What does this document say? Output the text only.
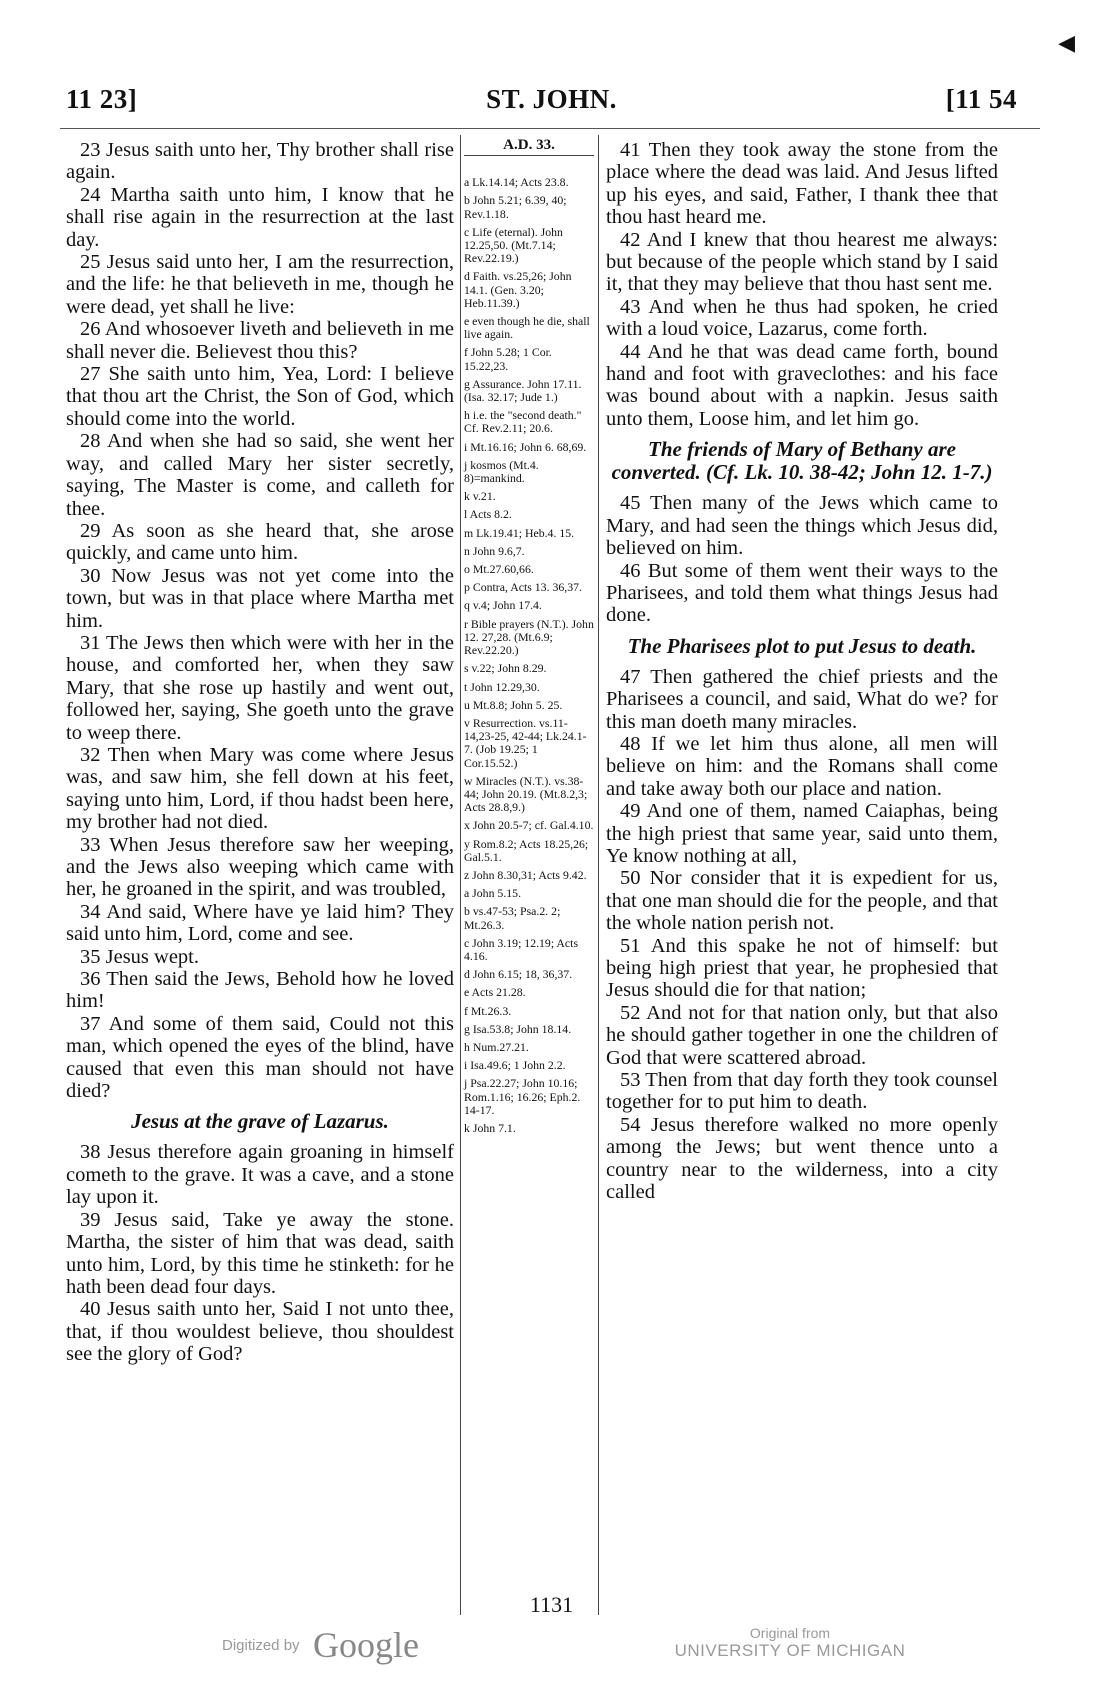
◀
11 23]	ST. JOHN.	[11 54

23 Jesus saith unto her, Thy brother shall rise again.

24 Martha saith unto him, I know that he shall rise again in the resurrection at the last day.

25 Jesus said unto her, I am the resurrection, and the life: he that believeth in me, though he were dead, yet shall he live:

26 And whosoever liveth and believeth in me shall never die. Believest thou this?

27 She saith unto him, Yea, Lord: I believe that thou art the Christ, the Son of God, which should come into the world.

28 And when she had so said, she went her way, and called Mary her sister secretly, saying, The Master is come, and calleth for thee.

29 As soon as she heard that, she arose quickly, and came unto him.

30 Now Jesus was not yet come into the town, but was in that place where Martha met him.

31 The Jews then which were with her in the house, and comforted her, when they saw Mary, that she rose up hastily and went out, followed her, saying, She goeth unto the grave to weep there.

32 Then when Mary was come where Jesus was, and saw him, she fell down at his feet, saying unto him, Lord, if thou hadst been here, my brother had not died.

33 When Jesus therefore saw her weeping, and the Jews also weeping which came with her, he groaned in the spirit, and was troubled,

34 And said, Where have ye laid him? They said unto him, Lord, come and see.

35 Jesus wept.

36 Then said the Jews, Behold how he loved him!

37 And some of them said, Could not this man, which opened the eyes of the blind, have caused that even this man should not have died?

Jesus at the grave of Lazarus.

38 Jesus therefore again groaning in himself cometh to the grave. It was a cave, and a stone lay upon it.

39 Jesus said, Take ye away the stone. Martha, the sister of him that was dead, saith unto him, Lord, by this time he stinketh: for he hath been dead four days.

40 Jesus saith unto her, Said I not unto thee, that, if thou wouldest believe, thou shouldest see the glory of God?

A.D. 33.
a Lk.14.14; Acts 23.8.
b John 5.21; 6.39, 40; Rev.1.18.
c Life (eternal). John 12.25,50. (Mt.7.14; Rev.22.19.)
d Faith. vs.25,26; John 14.1. (Gen. 3.20; Heb.11.39.)
e even though he die, shall live again.
f John 5.28; 1 Cor. 15.22,23.
g Assurance. John 17.11. (Isa. 32.17; Jude 1.)
h i.e. the "second death." Cf. Rev.2.11; 20.6.
i Mt.16.16; John 6. 68,69.
j kosmos (Mt.4. 8)=mankind.
k v.21.
l Acts 8.2.
m Lk.19.41; Heb.4. 15.
n John 9.6,7.
o Mt.27.60,66.
p Contra, Acts 13. 36,37.
q v.4; John 17.4.
r Bible prayers (N.T.). John 12. 27,28. (Mt.6.9; Rev.22.20.)
s v.22; John 8.29.
t John 12.29,30.
u Mt.8.8; John 5. 25.
v Resurrection. vs.11-14,23-25, 42-44; Lk.24.1-7. (Job 19.25; 1 Cor.15.52.)
w Miracles (N.T.). vs.38-44; John 20.19. (Mt.8.2,3; Acts 28.8,9.)
x John 20.5-7; cf. Gal.4.10.
y Rom.8.2; Acts 18.25,26; Gal.5.1.
z John 8.30,31; Acts 9.42.
a John 5.15.
b vs.47-53; Psa.2. 2; Mt.26.3.
c John 3.19; 12.19; Acts 4.16.
d John 6.15; 18, 36,37.
e Acts 21.28.
f Mt.26.3.
g Isa.53.8; John 18.14.
h Num.27.21.
i Isa.49.6; 1 John 2.2.
j Psa.22.27; John 10.16; Rom.1.16; 16.26; Eph.2. 14-17.
k John 7.1.

41 Then they took away the stone from the place where the dead was laid. And Jesus lifted up his eyes, and said, Father, I thank thee that thou hast heard me.

42 And I knew that thou hearest me always: but because of the people which stand by I said it, that they may believe that thou hast sent me.

43 And when he thus had spoken, he cried with a loud voice, Lazarus, come forth.

44 And he that was dead came forth, bound hand and foot with graveclothes: and his face was bound about with a napkin. Jesus saith unto them, Loose him, and let him go.

The friends of Mary of Bethany are converted. (Cf. Lk. 10. 38-42; John 12. 1-7.)

45 Then many of the Jews which came to Mary, and had seen the things which Jesus did, believed on him.

46 But some of them went their ways to the Pharisees, and told them what things Jesus had done.

The Pharisees plot to put Jesus to death.

47 Then gathered the chief priests and the Pharisees a council, and said, What do we? for this man doeth many miracles.

48 If we let him thus alone, all men will believe on him: and the Romans shall come and take away both our place and nation.

49 And one of them, named Caiaphas, being the high priest that same year, said unto them, Ye know nothing at all,

50 Nor consider that it is expedient for us, that one man should die for the people, and that the whole nation perish not.

51 And this spake he not of himself: but being high priest that year, he prophesied that Jesus should die for that nation;

52 And not for that nation only, but that also he should gather together in one the children of God that were scattered abroad.

53 Then from that day forth they took counsel together for to put him to death.

54 Jesus therefore walked no more openly among the Jews; but went thence unto a country near to the wilderness, into a city called

1131
Digitized by Google	Original from
UNIVERSITY OF MICHIGAN
